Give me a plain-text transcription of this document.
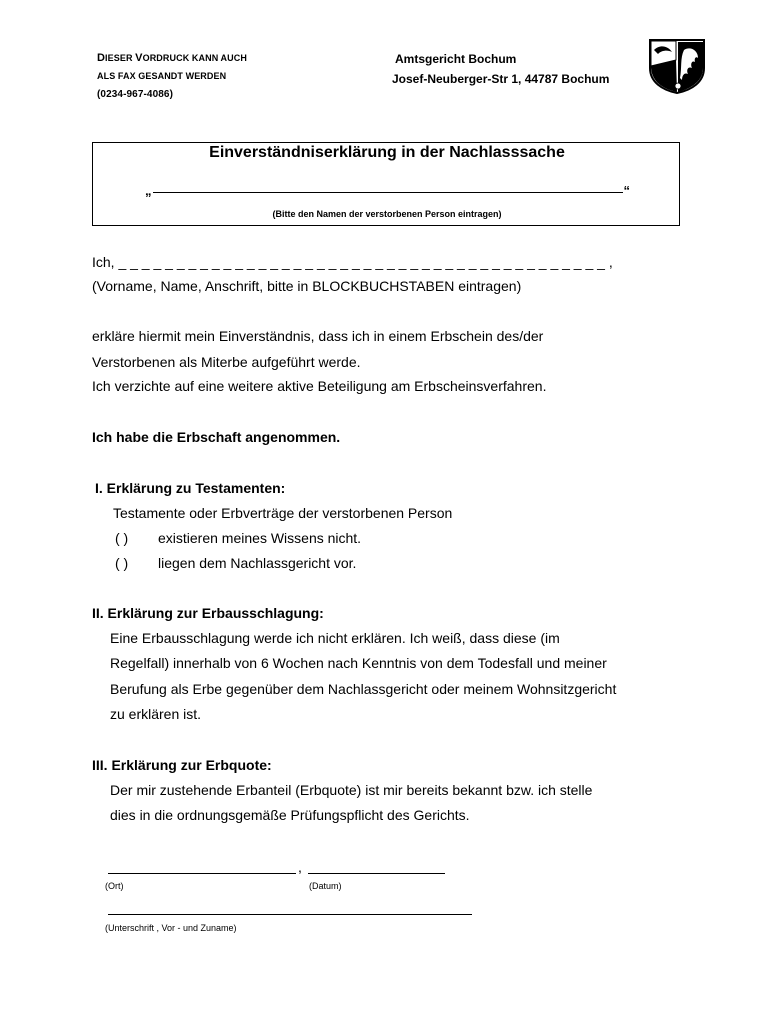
DIESER VORDRUCK KANN AUCH
ALS FAX GESANDT WERDEN
(0234-967-4086)
Amtsgericht Bochum
Josef-Neuberger-Str 1, 44787 Bochum
Einverständniserklärung in der Nachlasssache
„	“
(Bitte den Namen der verstorbenen Person eintragen)
Ich, _ _ _ _ _ _ _ _ _ _ _ _ _ _ _ _ _ _ _ _ _ _ _ _ _ _ _ _ _ _ _ _ _ _ _ _ _ _ _ _ _ _ ,
(Vorname, Name, Anschrift, bitte in BLOCKBUCHSTABEN eintragen)
erkläre hiermit mein Einverständnis, dass ich in einem Erbschein des/der
Verstorbenen als Miterbe aufgeführt werde.
Ich verzichte auf eine weitere aktive Beteiligung am Erbscheinsverfahren.
Ich habe die Erbschaft angenommen.
I. Erklärung zu Testamenten:
Testamente oder Erbverträge der verstorbenen Person
( ) existieren meines Wissens nicht.
( ) liegen dem Nachlassgericht vor.
II. Erklärung zur Erbausschlagung:
Eine Erbausschlagung werde ich nicht erklären. Ich weiß, dass diese (im
Regelfall) innerhalb von 6 Wochen nach Kenntnis von dem Todesfall und meiner
Berufung als Erbe gegenüber dem Nachlassgericht oder meinem Wohnsitzgericht
zu erklären ist.
III. Erklärung zur Erbquote:
Der mir zustehende Erbanteil (Erbquote) ist mir bereits bekannt bzw. ich stelle
dies in die ordnungsgemäße Prüfungspflicht des Gerichts.
,
(Ort)	(Datum)
(Unterschrift , Vor - und Zuname)
